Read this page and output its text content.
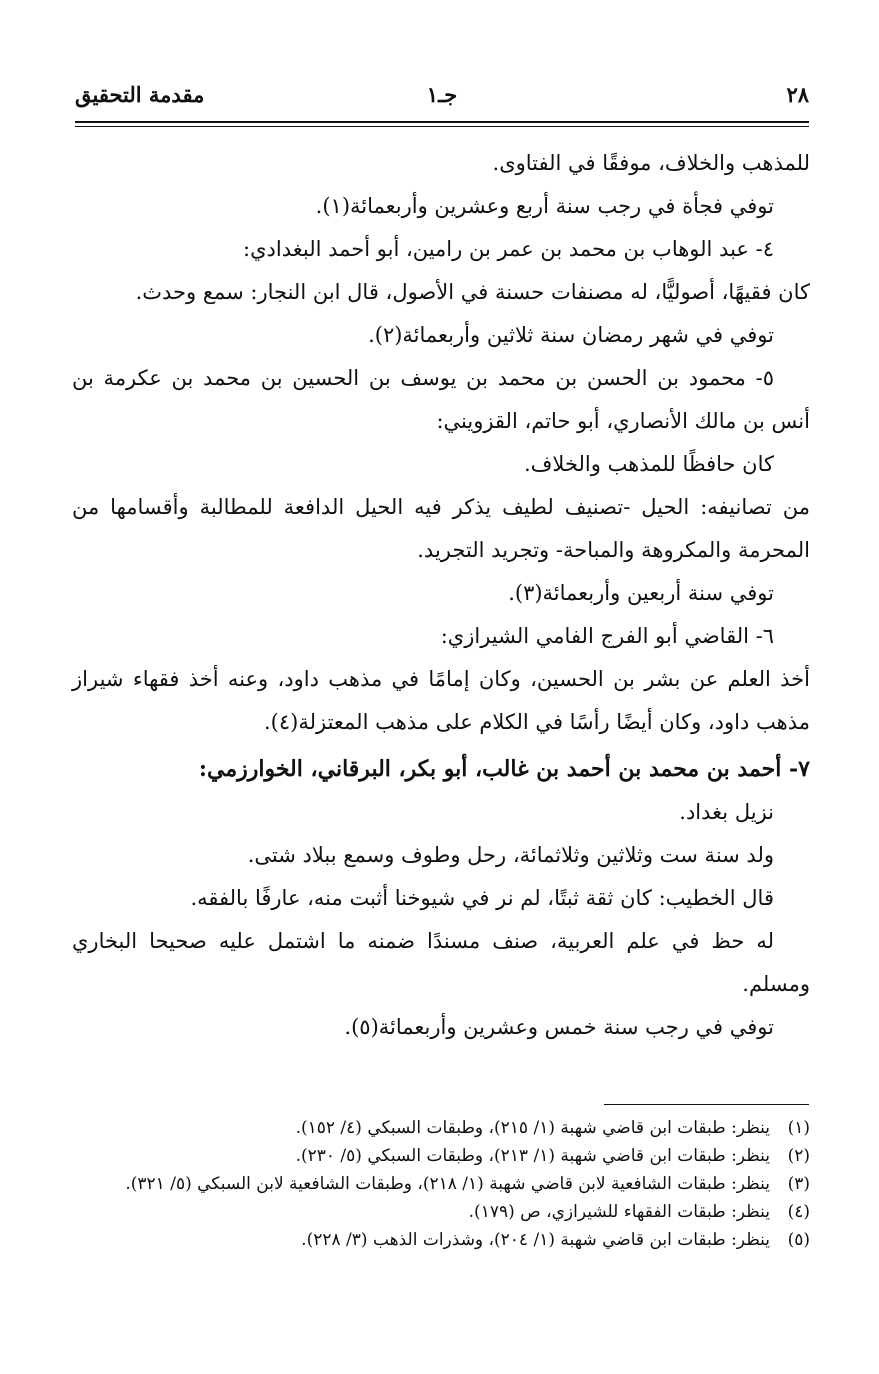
٢٨
جـ١
مقدمة التحقيق

للمذهب والخلاف، موفقًا في الفتاوى.

توفي فجأة في رجب سنة أربع وعشرين وأربعمائة(١).

٤- عبد الوهاب بن محمد بن عمر بن رامين، أبو أحمد البغدادي:

كان فقيهًا، أصوليًّا، له مصنفات حسنة في الأصول، قال ابن النجار: سمع وحدث.

توفي في شهر رمضان سنة ثلاثين وأربعمائة(٢).

٥- محمود بن الحسن بن محمد بن يوسف بن الحسين بن محمد بن عكرمة بن أنس بن مالك الأنصاري، أبو حاتم، القزويني:

كان حافظًا للمذهب والخلاف.

من تصانيفه: الحيل -تصنيف لطيف يذكر فيه الحيل الدافعة للمطالبة وأقسامها من المحرمة والمكروهة والمباحة- وتجريد التجريد.

توفي سنة أربعين وأربعمائة(٣).

٦- القاضي أبو الفرج الفامي الشيرازي:

أخذ العلم عن بشر بن الحسين، وكان إمامًا في مذهب داود، وعنه أخذ فقهاء شيراز مذهب داود، وكان أيضًا رأسًا في الكلام على مذهب المعتزلة(٤).

٧- أحمد بن محمد بن أحمد بن غالب، أبو بكر، البرقاني، الخوارزمي:

نزيل بغداد.

ولد سنة ست وثلاثين وثلاثمائة، رحل وطوف وسمع ببلاد شتى.

قال الخطيب: كان ثقة ثبتًا، لم نر في شيوخنا أثبت منه، عارفًا بالفقه.

له حظ في علم العربية، صنف مسندًا ضمنه ما اشتمل عليه صحيحا البخاري ومسلم.

توفي في رجب سنة خمس وعشرين وأربعمائة(٥).

(١)
ينظر: طبقات ابن قاضي شهبة (١/ ٢١٥)، وطبقات السبكي (٤/ ١٥٢).
(٢)
ينظر: طبقات ابن قاضي شهبة (١/ ٢١٣)، وطبقات السبكي (٥/ ٢٣٠).
(٣)
ينظر: طبقات الشافعية لابن قاضي شهبة (١/ ٢١٨)، وطبقات الشافعية لابن السبكي (٥/ ٣٢١).
(٤)
ينظر: طبقات الفقهاء للشيرازي، ص (١٧٩).
(٥)
ينظر: طبقات ابن قاضي شهبة (١/ ٢٠٤)، وشذرات الذهب (٣/ ٢٢٨).
